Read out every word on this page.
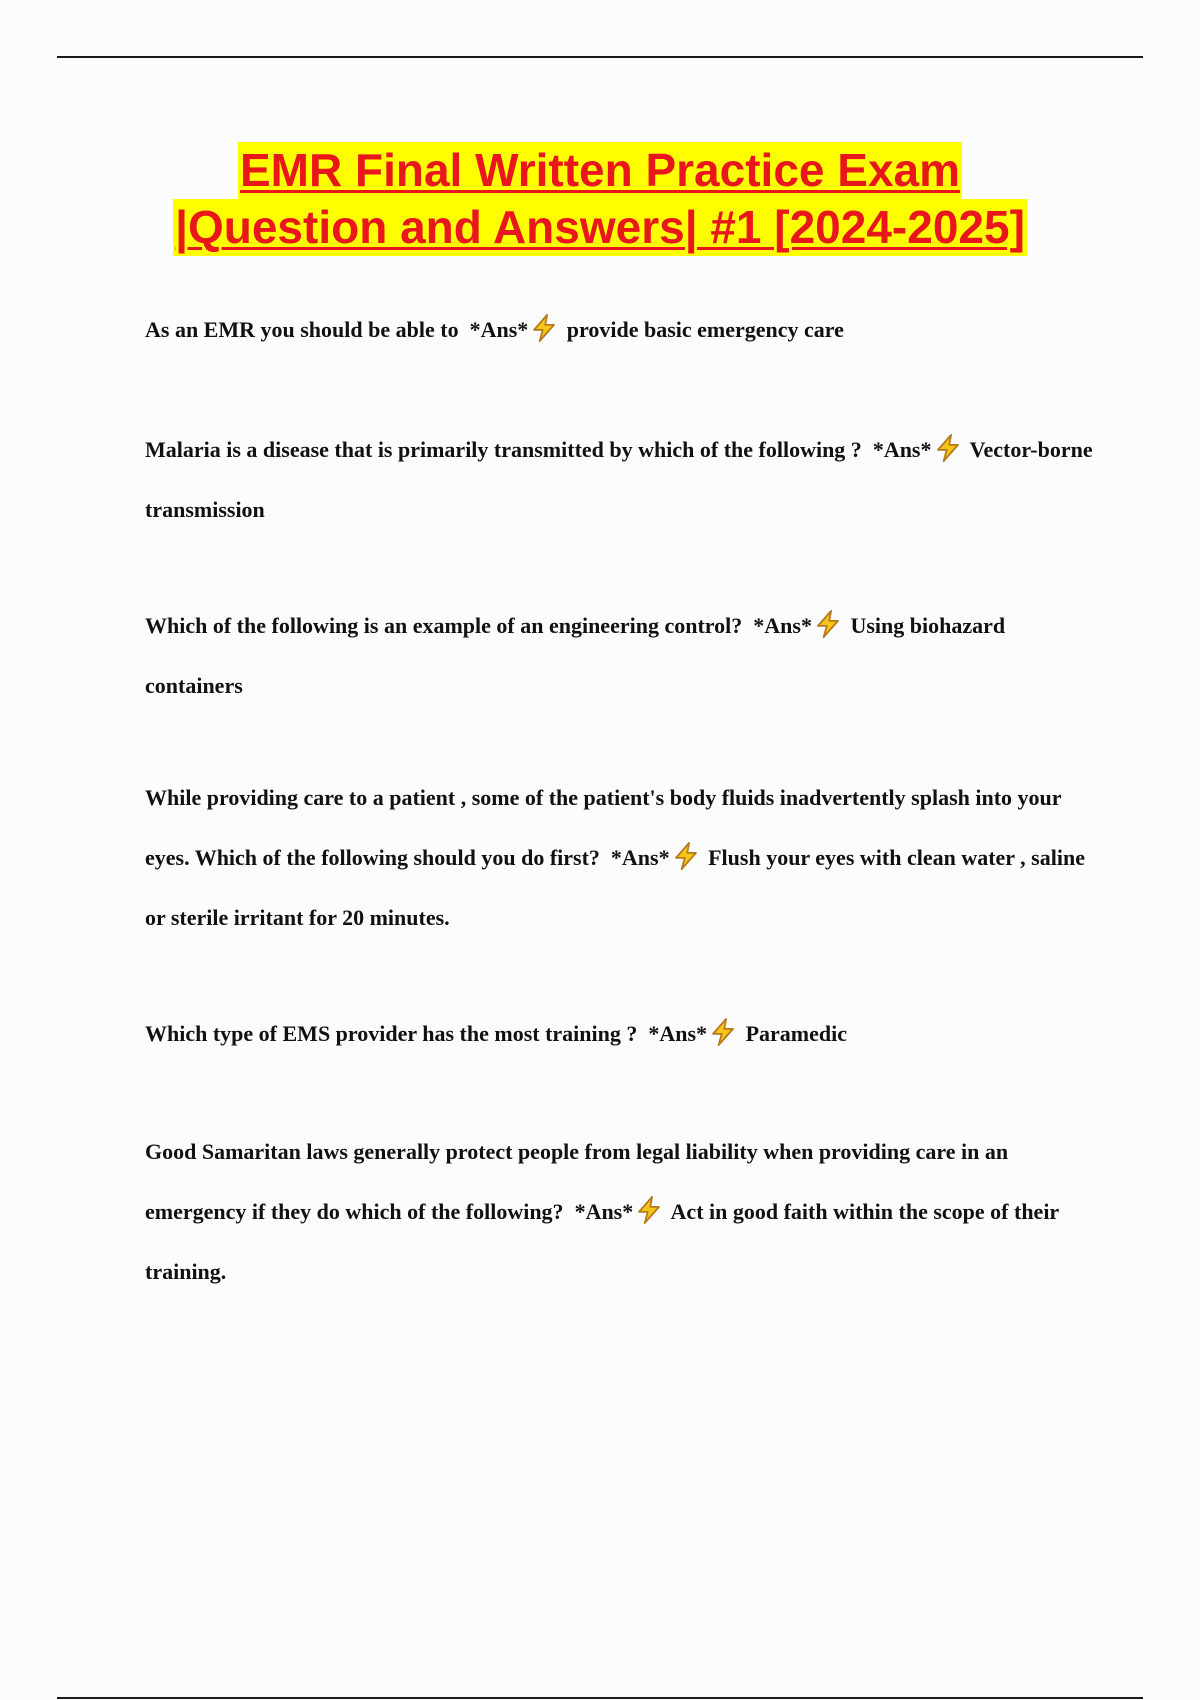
EMR Final Written Practice Exam
|Question and Answers| #1 [2024-2025]
As an EMR you should be able to *Ans* provide basic emergency care
Malaria is a disease that is primarily transmitted by which of the following ? *Ans* Vector-borne transmission
Which of the following is an example of an engineering control? *Ans* Using biohazard containers
While providing care to a patient , some of the patient's body fluids inadvertently splash into your eyes. Which of the following should you do first? *Ans* Flush your eyes with clean water , saline or sterile irritant for 20 minutes.
Which type of EMS provider has the most training ? *Ans* Paramedic
Good Samaritan laws generally protect people from legal liability when providing care in an emergency if they do which of the following? *Ans* Act in good faith within the scope of their training.
